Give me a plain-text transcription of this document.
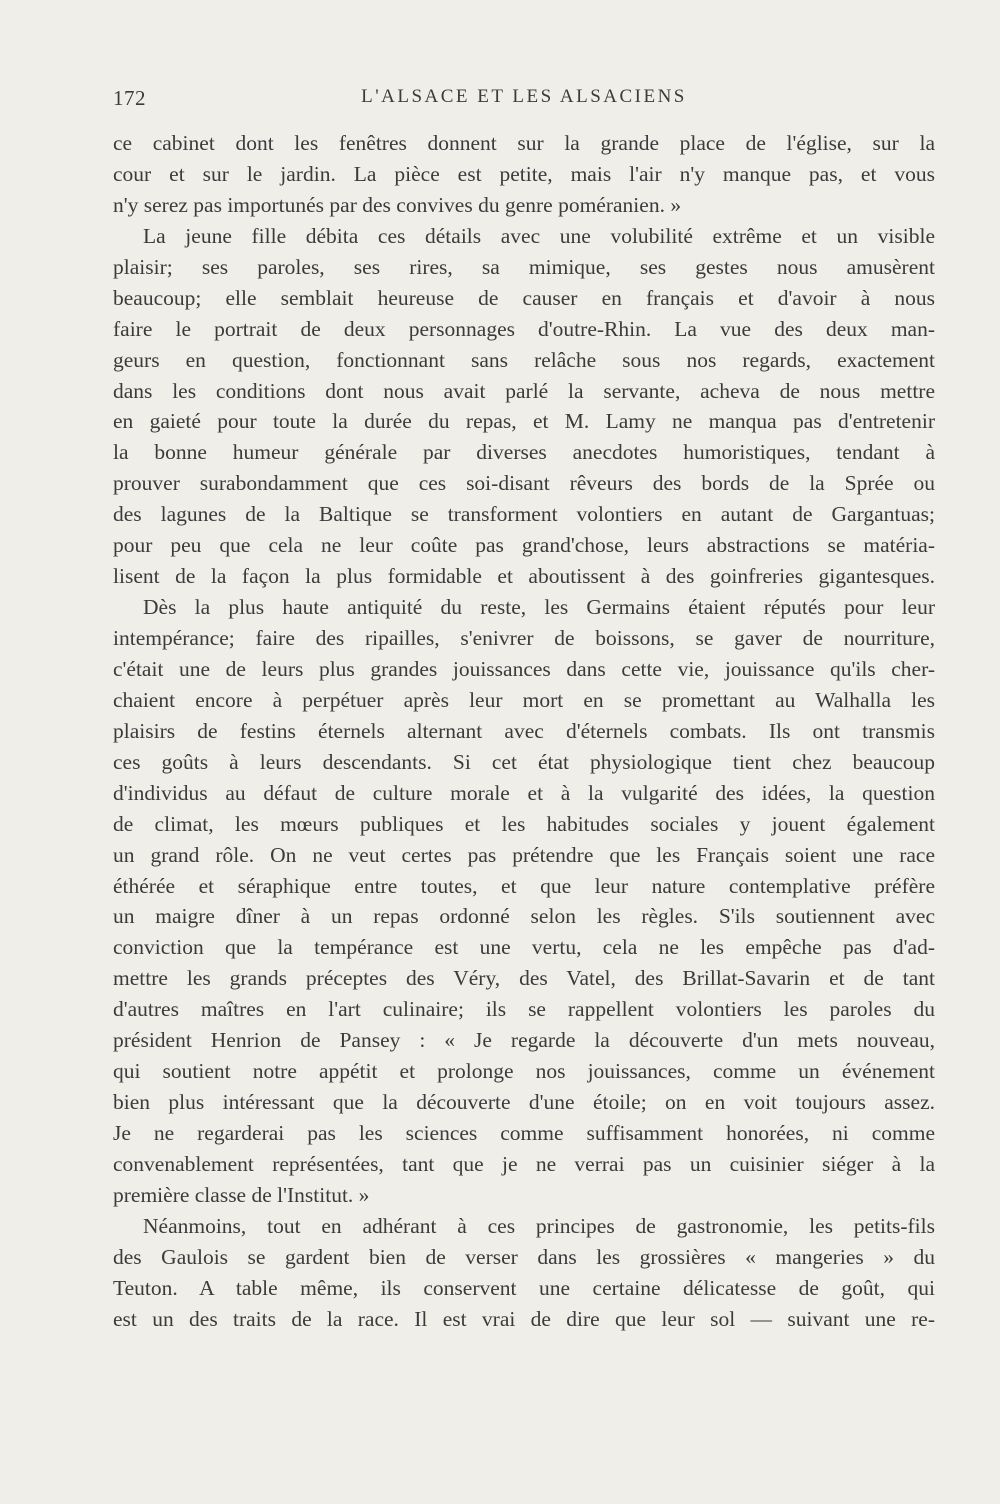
172	L'ALSACE ET LES ALSACIENS
ce cabinet dont les fenêtres donnent sur la grande place de l'église, sur la
cour et sur le jardin. La pièce est petite, mais l'air n'y manque pas, et vous
n'y serez pas importunés par des convives du genre poméranien. »
La jeune fille débita ces détails avec une volubilité extrême et un visible
plaisir; ses paroles, ses rires, sa mimique, ses gestes nous amusèrent
beaucoup; elle semblait heureuse de causer en français et d'avoir à nous
faire le portrait de deux personnages d'outre-Rhin. La vue des deux man-
geurs en question, fonctionnant sans relâche sous nos regards, exactement
dans les conditions dont nous avait parlé la servante, acheva de nous mettre
en gaieté pour toute la durée du repas, et M. Lamy ne manqua pas d'entretenir
la bonne humeur générale par diverses anecdotes humoristiques, tendant à
prouver surabondamment que ces soi-disant rêveurs des bords de la Sprée ou
des lagunes de la Baltique se transforment volontiers en autant de Gargantuas;
pour peu que cela ne leur coûte pas grand'chose, leurs abstractions se matéria-
lisent de la façon la plus formidable et aboutissent à des goinfreries gigantesques.
Dès la plus haute antiquité du reste, les Germains étaient réputés pour leur
intempérance; faire des ripailles, s'enivrer de boissons, se gaver de nourriture,
c'était une de leurs plus grandes jouissances dans cette vie, jouissance qu'ils cher-
chaient encore à perpétuer après leur mort en se promettant au Walhalla les
plaisirs de festins éternels alternant avec d'éternels combats. Ils ont transmis
ces goûts à leurs descendants. Si cet état physiologique tient chez beaucoup
d'individus au défaut de culture morale et à la vulgarité des idées, la question
de climat, les mœurs publiques et les habitudes sociales y jouent également
un grand rôle. On ne veut certes pas prétendre que les Français soient une race
éthérée et séraphique entre toutes, et que leur nature contemplative préfère
un maigre dîner à un repas ordonné selon les règles. S'ils soutiennent avec
conviction que la tempérance est une vertu, cela ne les empêche pas d'ad-
mettre les grands préceptes des Véry, des Vatel, des Brillat-Savarin et de tant
d'autres maîtres en l'art culinaire; ils se rappellent volontiers les paroles du
président Henrion de Pansey : « Je regarde la découverte d'un mets nouveau,
qui soutient notre appétit et prolonge nos jouissances, comme un événement
bien plus intéressant que la découverte d'une étoile; on en voit toujours assez.
Je ne regarderai pas les sciences comme suffisamment honorées, ni comme
convenablement représentées, tant que je ne verrai pas un cuisinier siéger à la
première classe de l'Institut. »
Néanmoins, tout en adhérant à ces principes de gastronomie, les petits-fils
des Gaulois se gardent bien de verser dans les grossières « mangeries » du
Teuton. A table même, ils conservent une certaine délicatesse de goût, qui
est un des traits de la race. Il est vrai de dire que leur sol — suivant une re-
